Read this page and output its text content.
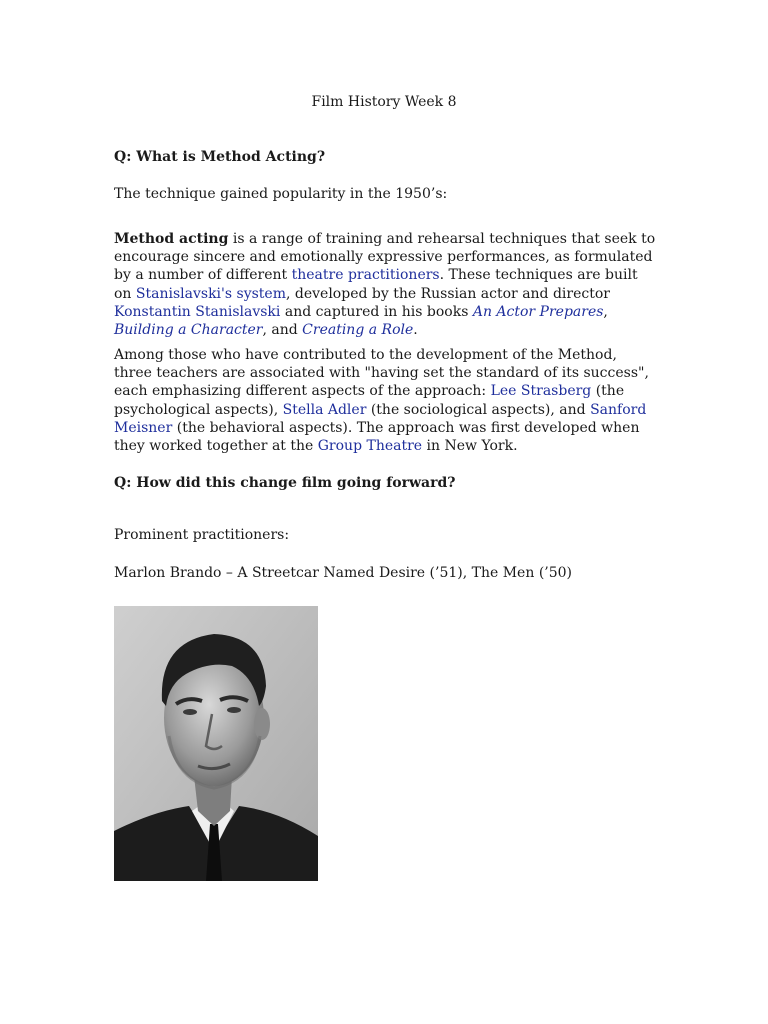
Film History Week 8
Q: What is Method Acting?
The technique gained popularity in the 1950’s:
Method acting is a range of training and rehearsal techniques that seek to encourage sincere and emotionally expressive performances, as formulated by a number of different theatre practitioners. These techniques are built on Stanislavski's system, developed by the Russian actor and director Konstantin Stanislavski and captured in his books An Actor Prepares, Building a Character, and Creating a Role.
Among those who have contributed to the development of the Method, three teachers are associated with "having set the standard of its success", each emphasizing different aspects of the approach: Lee Strasberg (the psychological aspects), Stella Adler (the sociological aspects), and Sanford Meisner (the behavioral aspects). The approach was first developed when they worked together at the Group Theatre in New York.
Q: How did this change film going forward?
Prominent practitioners:
Marlon Brando – A Streetcar Named Desire (’51), The Men (’50)
